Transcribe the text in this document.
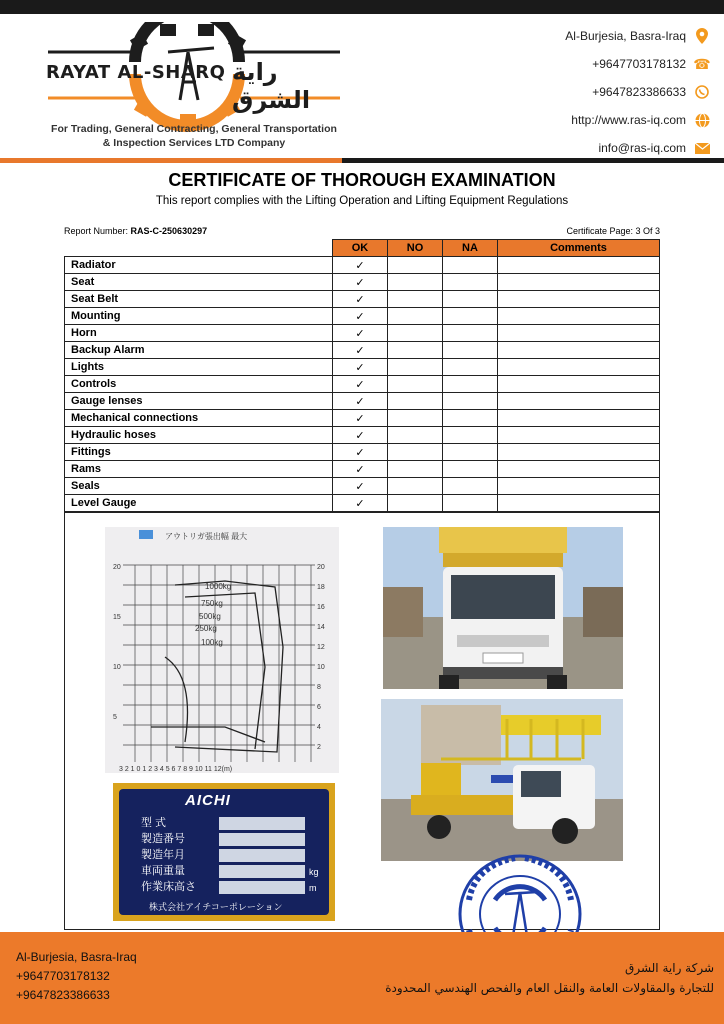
RAYAT AL-SHARQ راية الشرق
For Trading, General Contracting, General Transportation
& Inspection Services LTD Company
Al-Burjesia, Basra-Iraq
+9647703178132 ☎
+9647823386633
http://www.ras-iq.com
info@ras-iq.com
CERTIFICATE OF THOROUGH EXAMINATION
This report complies with the Lifting Operation and Lifting Equipment Regulations
Report Number: RAS-C-250630297	Certificate Page: 3 Of 3
	OK	NO	NA	Comments
Radiator	✓			
Seat	✓			
Seat Belt	✓			
Mounting	✓			
Horn	✓			
Backup Alarm	✓			
Lights	✓			
Controls	✓			
Gauge lenses	✓			
Mechanical connections	✓			
Hydraulic hoses	✓			
Fittings	✓			
Rams	✓			
Seals	✓			
Level Gauge	✓			
アウトリガ張出幅 最大
1000kg
750kg
500kg
250kg
100kg
20
18
16
14
12
10
8
6
4
2
20
15
10
5
3 2 1 0 1 2 3 4 5 6 7 8 9 10 11 12(m)
AICHI
型 式
製造番号
製造年月
車両重量
作業床高さ
kg
m
株式会社アイチコーポレーション
Al-Burjesia, Basra-Iraq
+9647703178132
+9647823386633
شركة راية الشرق
للتجارة والمقاولات العامة والنقل العام والفحص الهندسي المحدودة
